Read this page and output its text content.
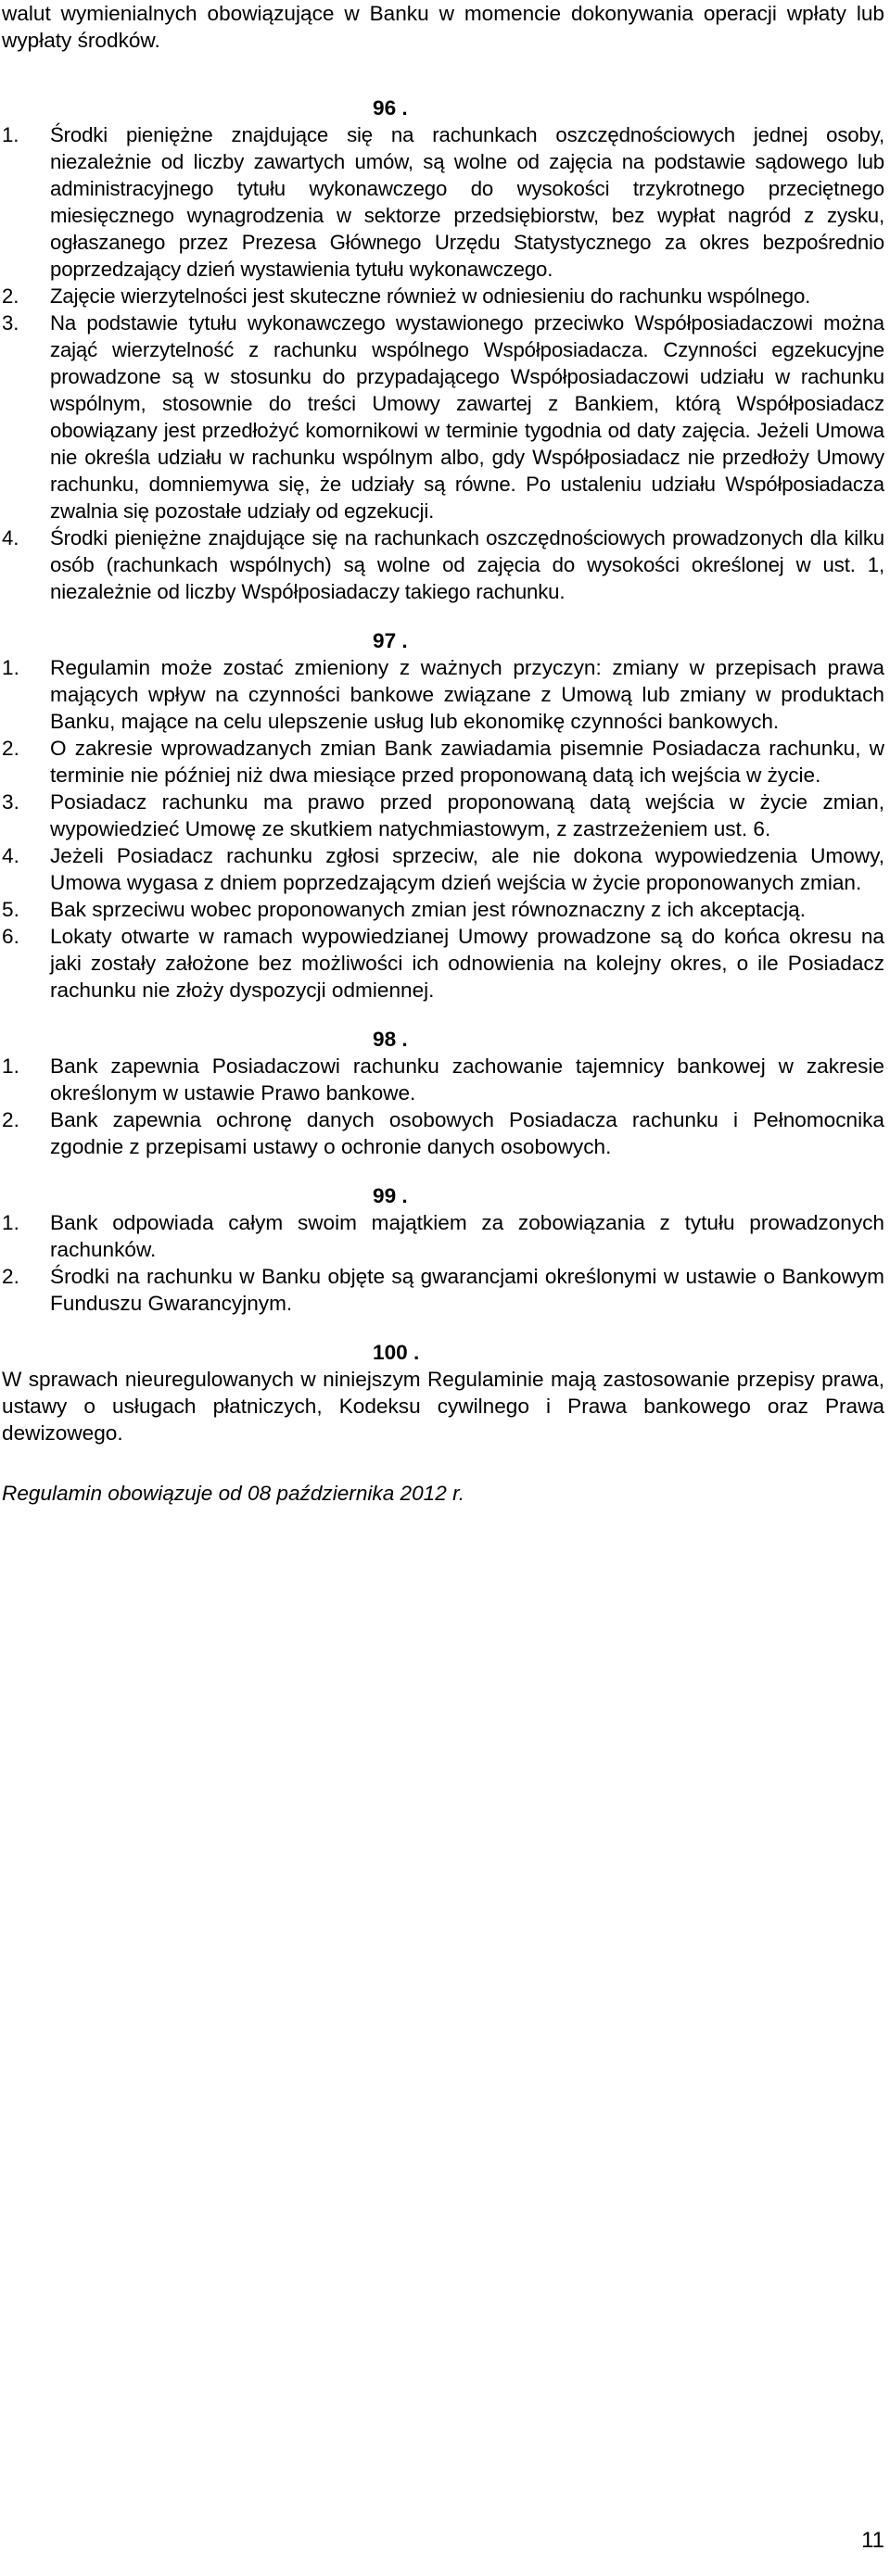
walut wymienialnych obowiązujące w Banku w momencie dokonywania operacji wpłaty lub wypłaty środków.

96 .
1. Środki pieniężne znajdujące się na rachunkach oszczędnościowych jednej osoby, niezależnie od liczby zawartych umów, są wolne od zajęcia na podstawie sądowego lub administracyjnego tytułu wykonawczego do wysokości trzykrotnego przeciętnego miesięcznego wynagrodzenia w sektorze przedsiębiorstw, bez wypłat nagród z zysku, ogłaszanego przez Prezesa Głównego Urzędu Statystycznego za okres bezpośrednio poprzedzający dzień wystawienia tytułu wykonawczego.
2. Zajęcie wierzytelności jest skuteczne również w odniesieniu do rachunku wspólnego.
3. Na podstawie tytułu wykonawczego wystawionego przeciwko Współposiadaczowi można zająć wierzytelność z rachunku wspólnego Współposiadacza. Czynności egzekucyjne prowadzone są w stosunku do przypadającego Współposiadaczowi udziału w rachunku wspólnym, stosownie do treści Umowy zawartej z Bankiem, którą Współposiadacz obowiązany jest przedłożyć komornikowi w terminie tygodnia od daty zajęcia. Jeżeli Umowa nie określa udziału w rachunku wspólnym albo, gdy Współposiadacz nie przedłoży Umowy rachunku, domniemywa się, że udziały są równe. Po ustaleniu udziału Współposiadacza zwalnia się pozostałe udziały od egzekucji.
4. Środki pieniężne znajdujące się na rachunkach oszczędnościowych prowadzonych dla kilku osób (rachunkach wspólnych) są wolne od zajęcia do wysokości określonej w ust. 1, niezależnie od liczby Współposiadaczy takiego rachunku.
97 .
1. Regulamin może zostać zmieniony z ważnych przyczyn: zmiany w przepisach prawa mających wpływ na czynności bankowe związane z Umową lub zmiany w produktach Banku, mające na celu ulepszenie usług lub ekonomikę czynności bankowych.
2. O zakresie wprowadzanych zmian Bank zawiadamia pisemnie Posiadacza rachunku, w terminie nie później niż dwa miesiące przed proponowaną datą ich wejścia w życie.
3. Posiadacz rachunku ma prawo przed proponowaną datą wejścia w życie zmian, wypowiedzieć Umowę ze skutkiem natychmiastowym, z zastrzeżeniem ust. 6.
4. Jeżeli Posiadacz rachunku zgłosi sprzeciw, ale nie dokona wypowiedzenia Umowy, Umowa wygasa z dniem poprzedzającym dzień wejścia w życie proponowanych zmian.
5. Bak sprzeciwu wobec proponowanych zmian jest równoznaczny z ich akceptacją.
6. Lokaty otwarte w ramach wypowiedzianej Umowy prowadzone są do końca okresu na jaki zostały założone bez możliwości ich odnowienia na kolejny okres, o ile Posiadacz rachunku nie złoży dyspozycji odmiennej.
98 .
1. Bank zapewnia Posiadaczowi rachunku zachowanie tajemnicy bankowej w zakresie określonym w ustawie Prawo bankowe.
2. Bank zapewnia ochronę danych osobowych Posiadacza rachunku i Pełnomocnika zgodnie z przepisami ustawy o ochronie danych osobowych.
99 .
1. Bank odpowiada całym swoim majątkiem za zobowiązania z tytułu prowadzonych rachunków.
2. Środki na rachunku w Banku objęte są gwarancjami określonymi w ustawie o Bankowym Funduszu Gwarancyjnym.
100 .

W sprawach nieuregulowanych w niniejszym Regulaminie mają zastosowanie przepisy prawa, ustawy o usługach płatniczych, Kodeksu cywilnego i Prawa bankowego oraz Prawa dewizowego.

Regulamin obowiązuje od 08 października 2012 r.

11
